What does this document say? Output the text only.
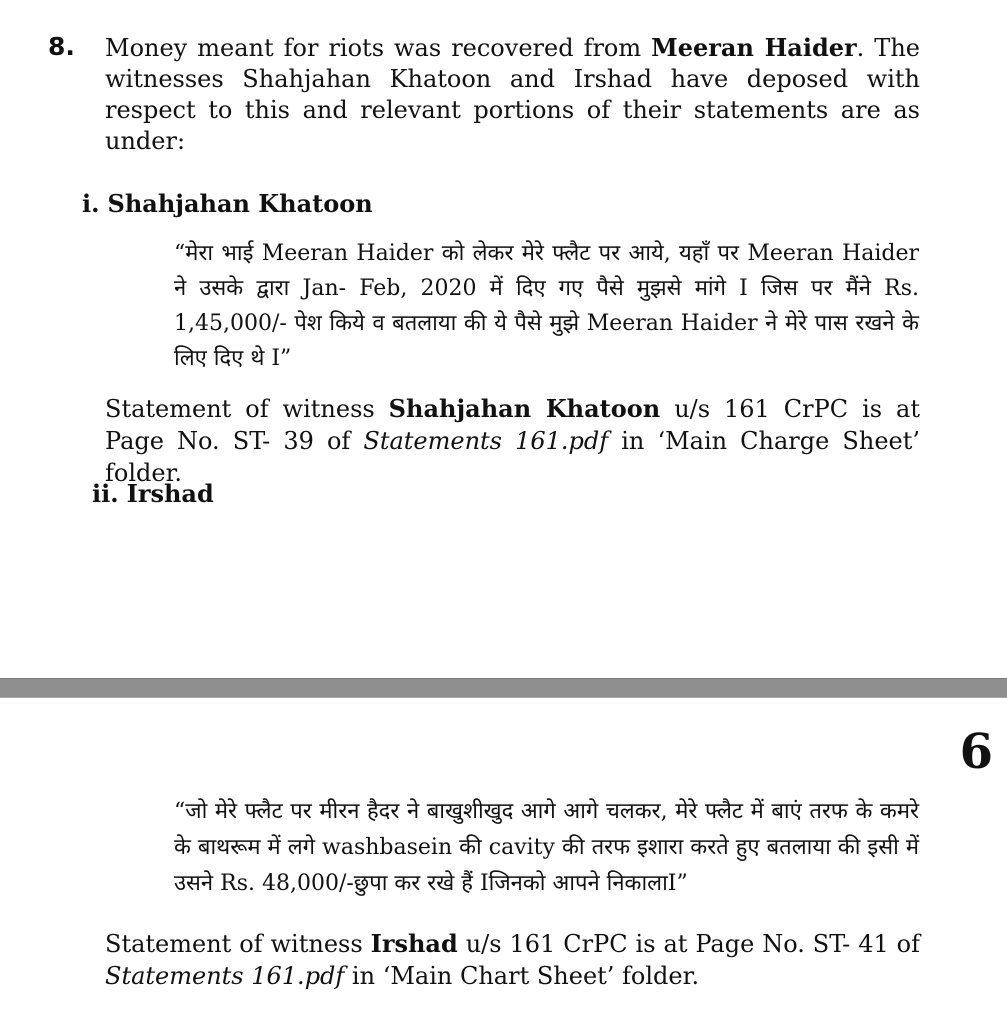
8. Money meant for riots was recovered from Meeran Haider. The witnesses Shahjahan Khatoon and Irshad have deposed with respect to this and relevant portions of their statements are as under:

i. Shahjahan Khatoon

“मेरा भाई Meeran Haider को लेकर मेरे फ्लैट पर आये, यहाँ पर Meeran Haider ने उसके द्वारा Jan- Feb, 2020 में दिए गए पैसे मुझसे मांगे I जिस पर मैंने Rs. 1,45,000/- पेश किये व बतलाया की ये पैसे मुझे Meeran Haider ने मेरे पास रखने के लिए दिए थे I”

Statement of witness Shahjahan Khatoon u/s 161 CrPC is at Page No. ST- 39 of Statements 161.pdf in ‘Main Charge Sheet’ folder.

ii. Irshad
6

“जो मेरे फ्लैट पर मीरन हैदर ने बाखुशीखुद आगे आगे चलकर, मेरे फ्लैट में बाएं तरफ के कमरे के बाथरूम में लगे washbasein की cavity की तरफ इशारा करते हुए बतलाया की इसी में उसने Rs. 48,000/-छुपा कर रखे हैं Iजिनको आपने निकालाI”

Statement of witness Irshad u/s 161 CrPC is at Page No. ST- 41 of Statements 161.pdf in ‘Main Chart Sheet’ folder.
